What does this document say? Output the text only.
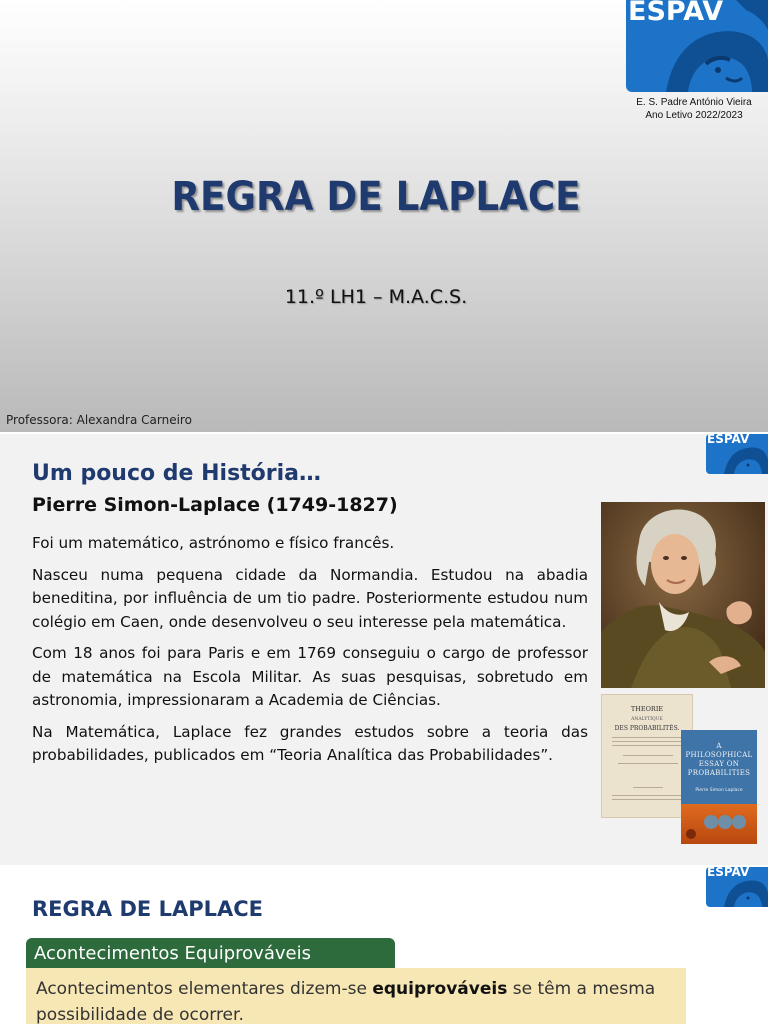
ESPAV
E. S. Padre António Vieira
Ano Letivo 2022/2023
REGRA DE LAPLACE
11.º LH1 – M.A.C.S.
Professora: Alexandra Carneiro
ESPAV
Um pouco de História…
Pierre Simon-Laplace (1749-1827)

Foi um matemático, astrónomo e físico francês.

Nasceu numa pequena cidade da Normandia. Estudou na abadia beneditina, por influência de um tio padre. Posteriormente estudou num colégio em Caen, onde desenvolveu o seu interesse pela matemática.

Com 18 anos foi para Paris e em 1769 conseguiu o cargo de professor de matemática na Escola Militar. As suas pesquisas, sobretudo em astronomia, impressionaram a Academia de Ciências.

Na Matemática, Laplace fez grandes estudos sobre a teoria das probabilidades, publicados em “Teoria Analítica das Probabilidades”.

THEORIE
ANALYTIQUE
DES PROBABILITÉS.
A PHILOSOPHICAL ESSAY ON PROBABILITIES
Pierre Simon Laplace
ESPAV
REGRA DE LAPLACE
Acontecimentos Equiprováveis
Acontecimentos elementares dizem-se equiprováveis se têm a mesma possibilidade de ocorrer.
